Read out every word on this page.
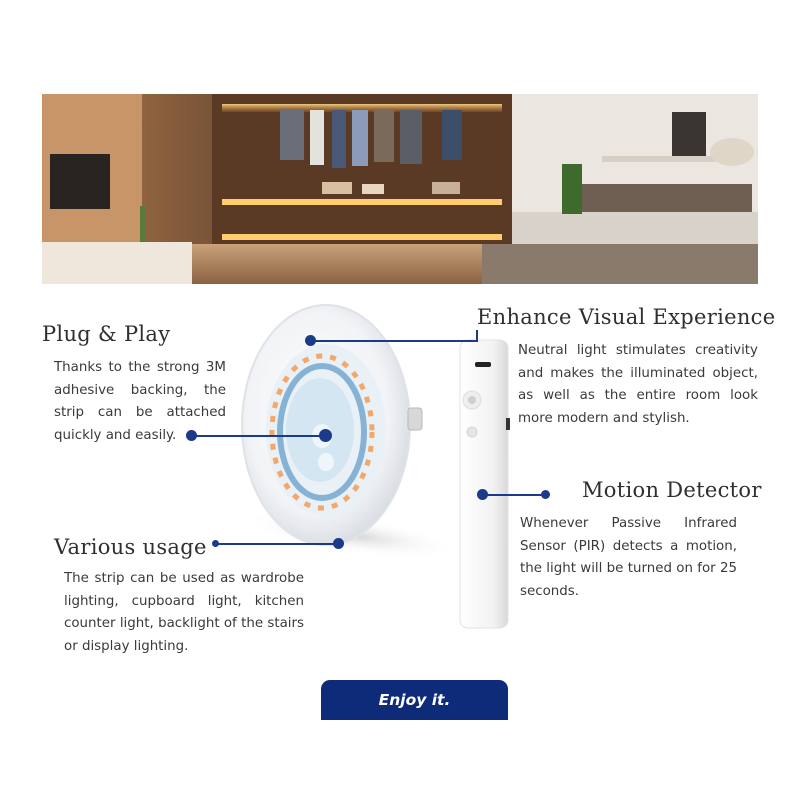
Plug & Play
Thanks to the strong 3M adhesive backing, the strip can be attached quickly and easily.
Enhance Visual Experience
Neutral light stimulates creativity and makes the illuminated object, as well as the entire room look more modern and stylish.
Motion Detector
Whenever Passive Infrared Sensor (PIR) detects a motion, the light will be turned on for 25 seconds.
Various usage
The strip can be used as wardrobe lighting, cupboard light, kitchen counter light, backlight of the stairs or display lighting.
Enjoy it.
